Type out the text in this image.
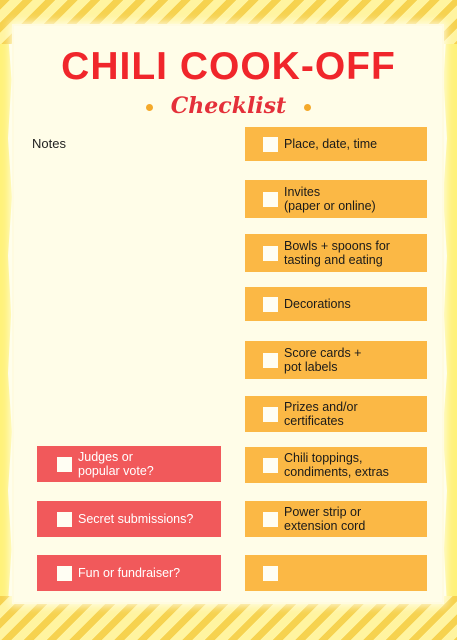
CHILI COOK-OFF
Checklist
Notes	Place, date, time
Invites
(paper or online)
Bowls + spoons for
tasting and eating
Decorations
Score cards +
pot labels
Prizes and/or
certificates
Chili toppings,
condiments, extras
Power strip or
extension cord
Judges or
popular vote?
Secret submissions?
Fun or fundraiser?
